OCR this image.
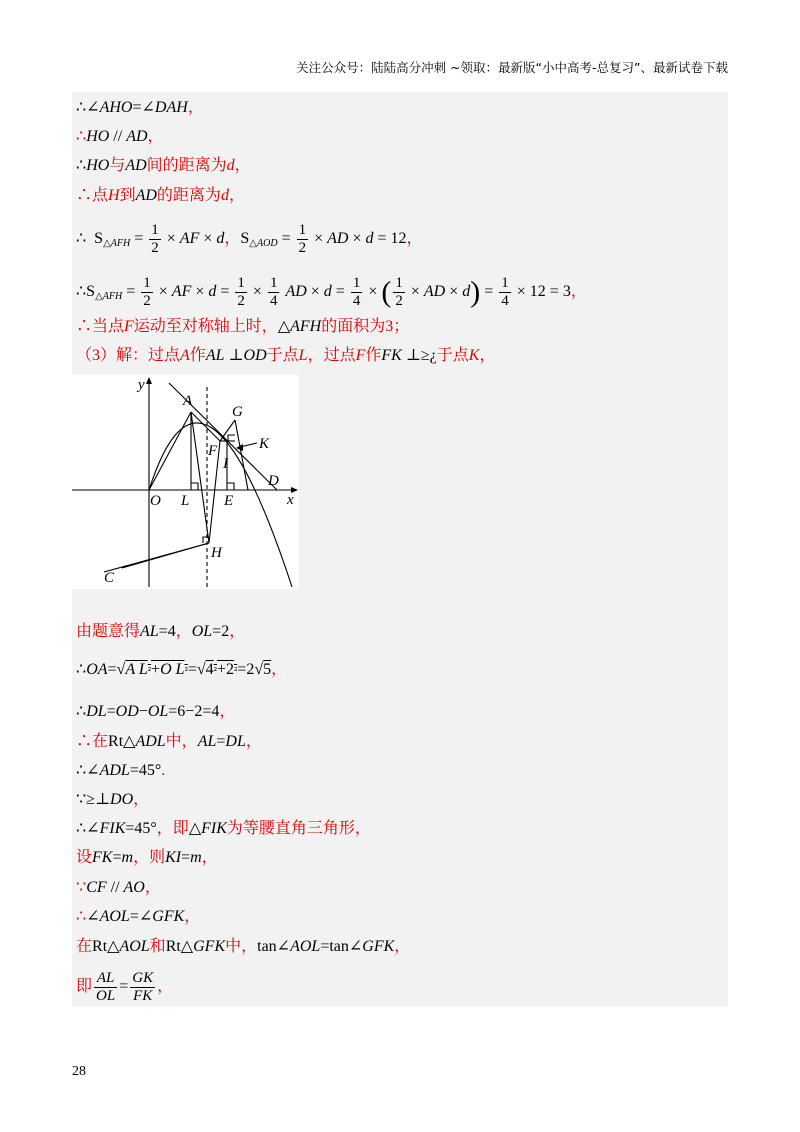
关注公众号：陆陆高分冲刺 ~领取：最新版“小中高考-总复习”、最新试卷下载
∴∠AHO=∠DAH，
∴HO // AD，
∴HO与AD间的距离为d，
∴点H到AD的距离为d，
∴  $S_{\triangle AFH} = \frac{1}{2}$ × AF × d，$S_{\triangle AOD} = \frac{1}{2}$ × AD × d = 12，
$\therefore S_{\triangle AFH} = \frac{1}{2}$ × AF × $d = \frac{1}{2} \times \frac{1}{4}$ AD × $d = \frac{1}{4}$ × ( $\frac{1}{2}$ × AD × $d) = \frac{1}{4} \times 12 = 3$，
∴当点F运动至对称轴上时，△AFH的面积为3；
（3）解：过点A作AL ⊥OD于点L，过点F作FK ⊥≥¿于点K，
y
x
A
G
K
F
I
D
O L E
H
C
由题意得AL=4，OL=2，
∴OA=√A L²+O L²=√4²+2²=2√5，
∴DL=OD−OL=6−2=4，
∴在Rt△ADL中，AL=DL，
∴∠ADL=45°.
∵≥⊥DO，
∴∠FIK=45°，即△FIK为等腰直角三角形，
设FK=m，则KI=m，
∵CF // AO，
∴∠AOL=∠GFK，
在Rt△AOL和Rt△GFK中，tan∠AOL=tan∠GFK，
即 $\frac{AL}{OL} = \frac{GK}{FK}$ ，
28
